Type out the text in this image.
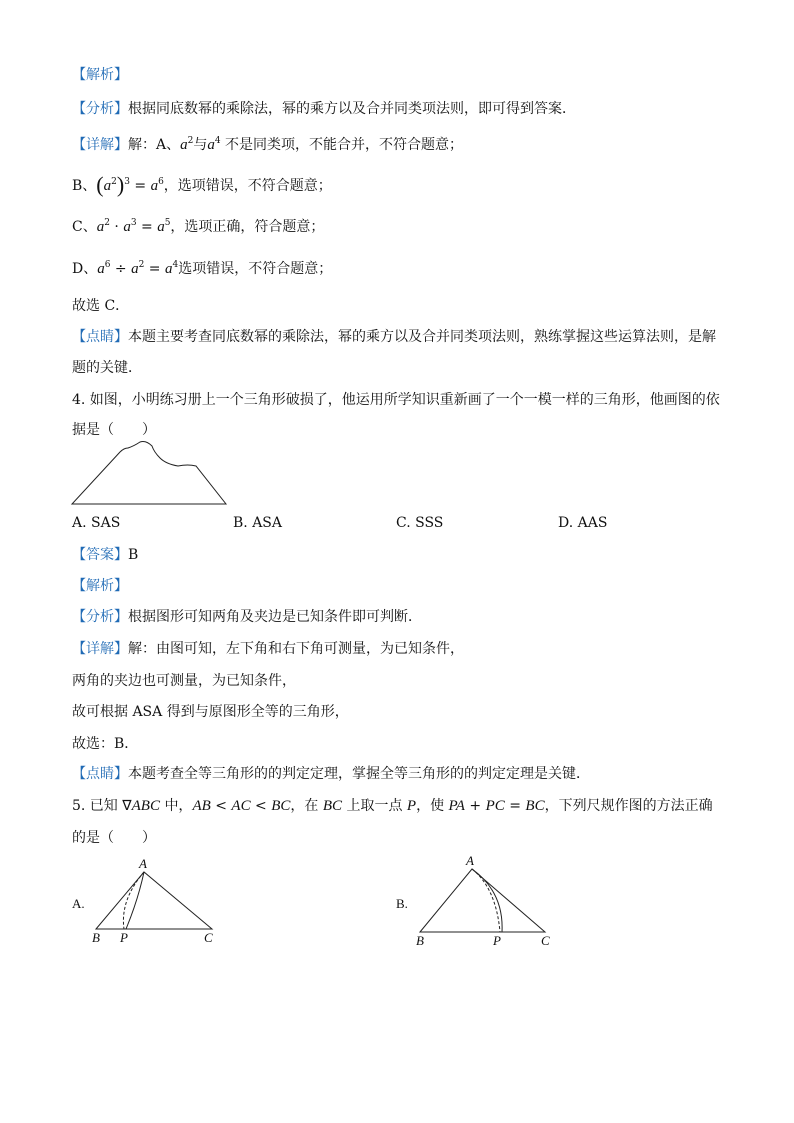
【解析】
【分析】根据同底数幂的乘除法，幂的乘方以及合并同类项法则，即可得到答案．
【详解】解：A、$a^2$与$a^4$ 不是同类项，不能合并，不符合题意；
B、$(a^2)^3 = a^6$，选项错误，不符合题意；
C、$a^2 \cdot a^3 = a^5$，选项正确，符合题意；
D、$a^6 \div a^2 = a^4$选项错误，不符合题意；
故选 C．
【点睛】本题主要考查同底数幂的乘除法，幂的乘方以及合并同类项法则，熟练掌握这些运算法则，是解
题的关键．
4. 如图，小明练习册上一个三角形破损了，他运用所学知识重新画了一个一模一样的三角形，他画图的依
据是（　　）
A. SAS	B. ASA	C. SSS	D. AAS
【答案】B
【解析】
【分析】根据图形可知两角及夹边是已知条件即可判断．
【详解】解：由图可知，左下角和右下角可测量，为已知条件，
两角的夹边也可测量，为已知条件，
故可根据 ASA 得到与原图形全等的三角形，
故选：B．
【点睛】本题考查全等三角形的的判定定理，掌握全等三角形的的判定定理是关键．
5. 已知 ∇ABC 中，AB < AC < BC，在 BC 上取一点 P，使 PA + PC = BC，下列尺规作图的方法正确
的是（　　）
A.	B.
A
B P	C
A
B	P	C
